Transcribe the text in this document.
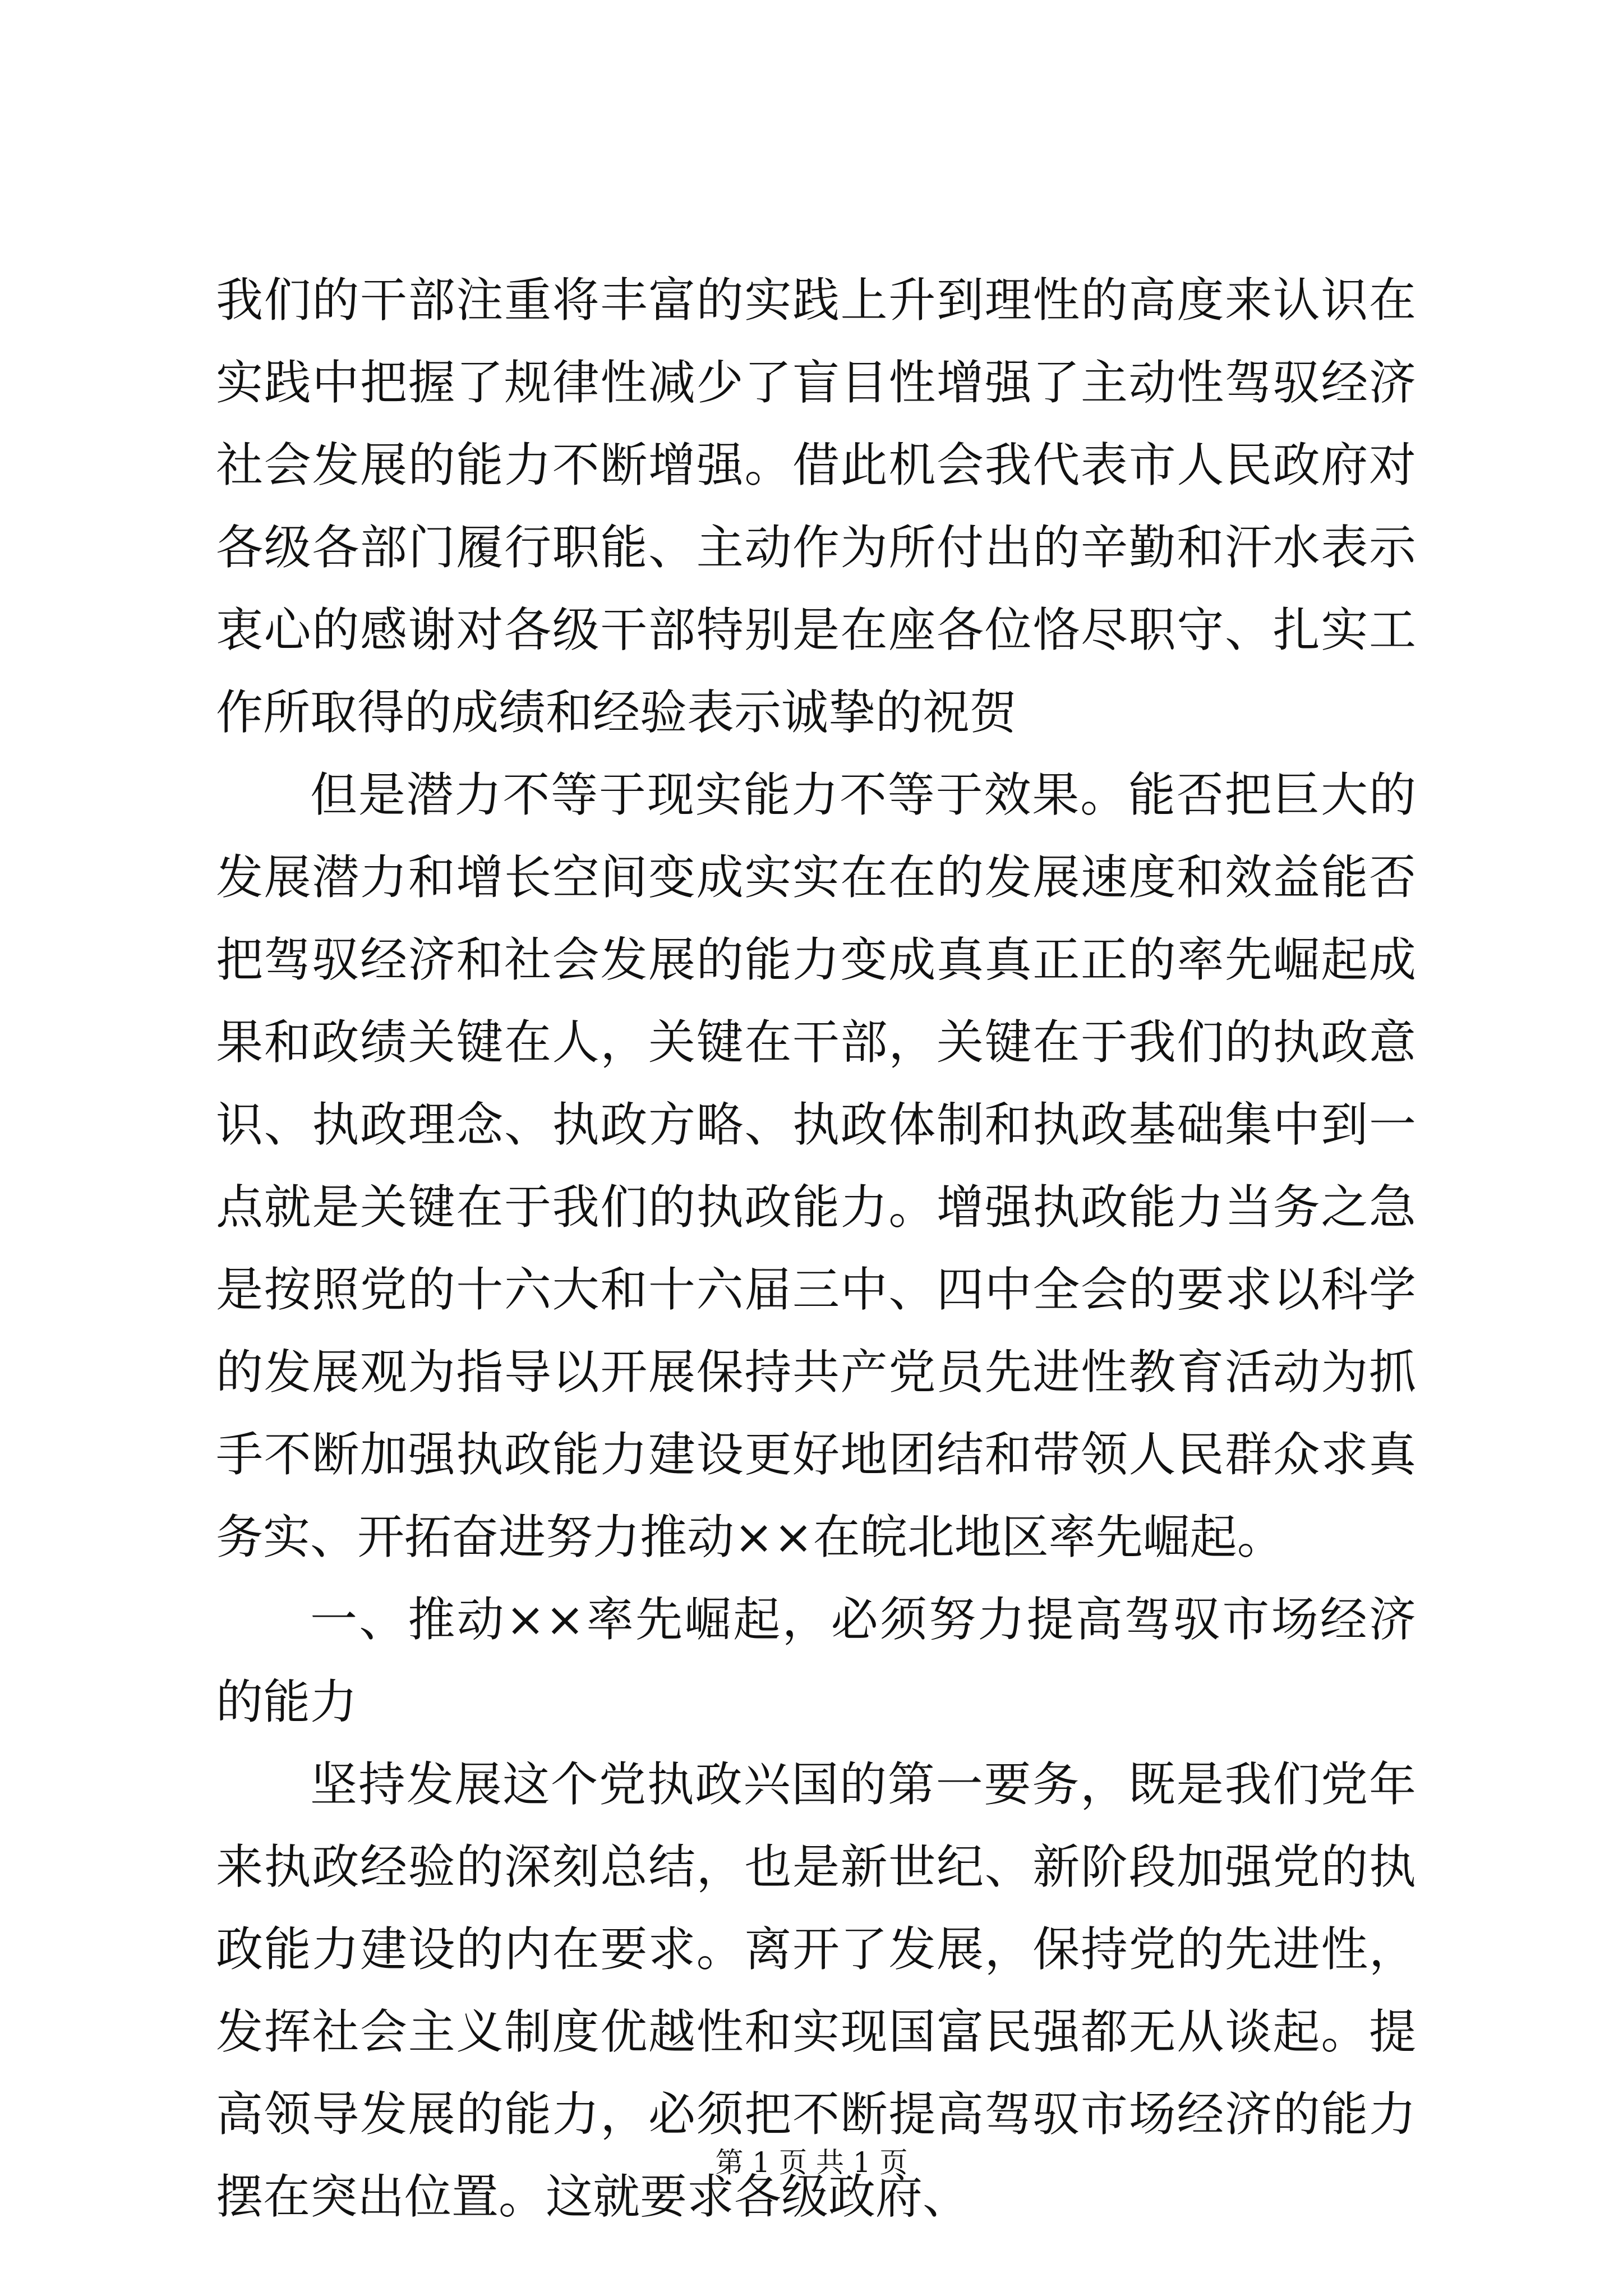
我们的干部注重将丰富的实践上升到理性的高度来认识在实践中把握了规律性减少了盲目性增强了主动性驾驭经济社会发展的能力不断增强。借此机会我代表市人民政府对各级各部门履行职能、主动作为所付出的辛勤和汗水表示衷心的感谢对各级干部特别是在座各位恪尽职守、扎实工作所取得的成绩和经验表示诚挚的祝贺

但是潜力不等于现实能力不等于效果。能否把巨大的发展潜力和增长空间变成实实在在的发展速度和效益能否把驾驭经济和社会发展的能力变成真真正正的率先崛起成果和政绩关键在人，关键在干部，关键在于我们的执政意识、执政理念、执政方略、执政体制和执政基础集中到一点就是关键在于我们的执政能力。增强执政能力当务之急是按照党的十六大和十六届三中、四中全会的要求以科学的发展观为指导以开展保持共产党员先进性教育活动为抓手不断加强执政能力建设更好地团结和带领人民群众求真务实、开拓奋进努力推动××在皖北地区率先崛起。

一、推动××率先崛起，必须努力提高驾驭市场经济的能力

坚持发展这个党执政兴国的第一要务，既是我们党年来执政经验的深刻总结，也是新世纪、新阶段加强党的执政能力建设的内在要求。离开了发展，保持党的先进性，发挥社会主义制度优越性和实现国富民强都无从谈起。提高领导发展的能力，必须把不断提高驾驭市场经济的能力摆在突出位置。这就要求各级政府、

第 1 页 共 1 页
